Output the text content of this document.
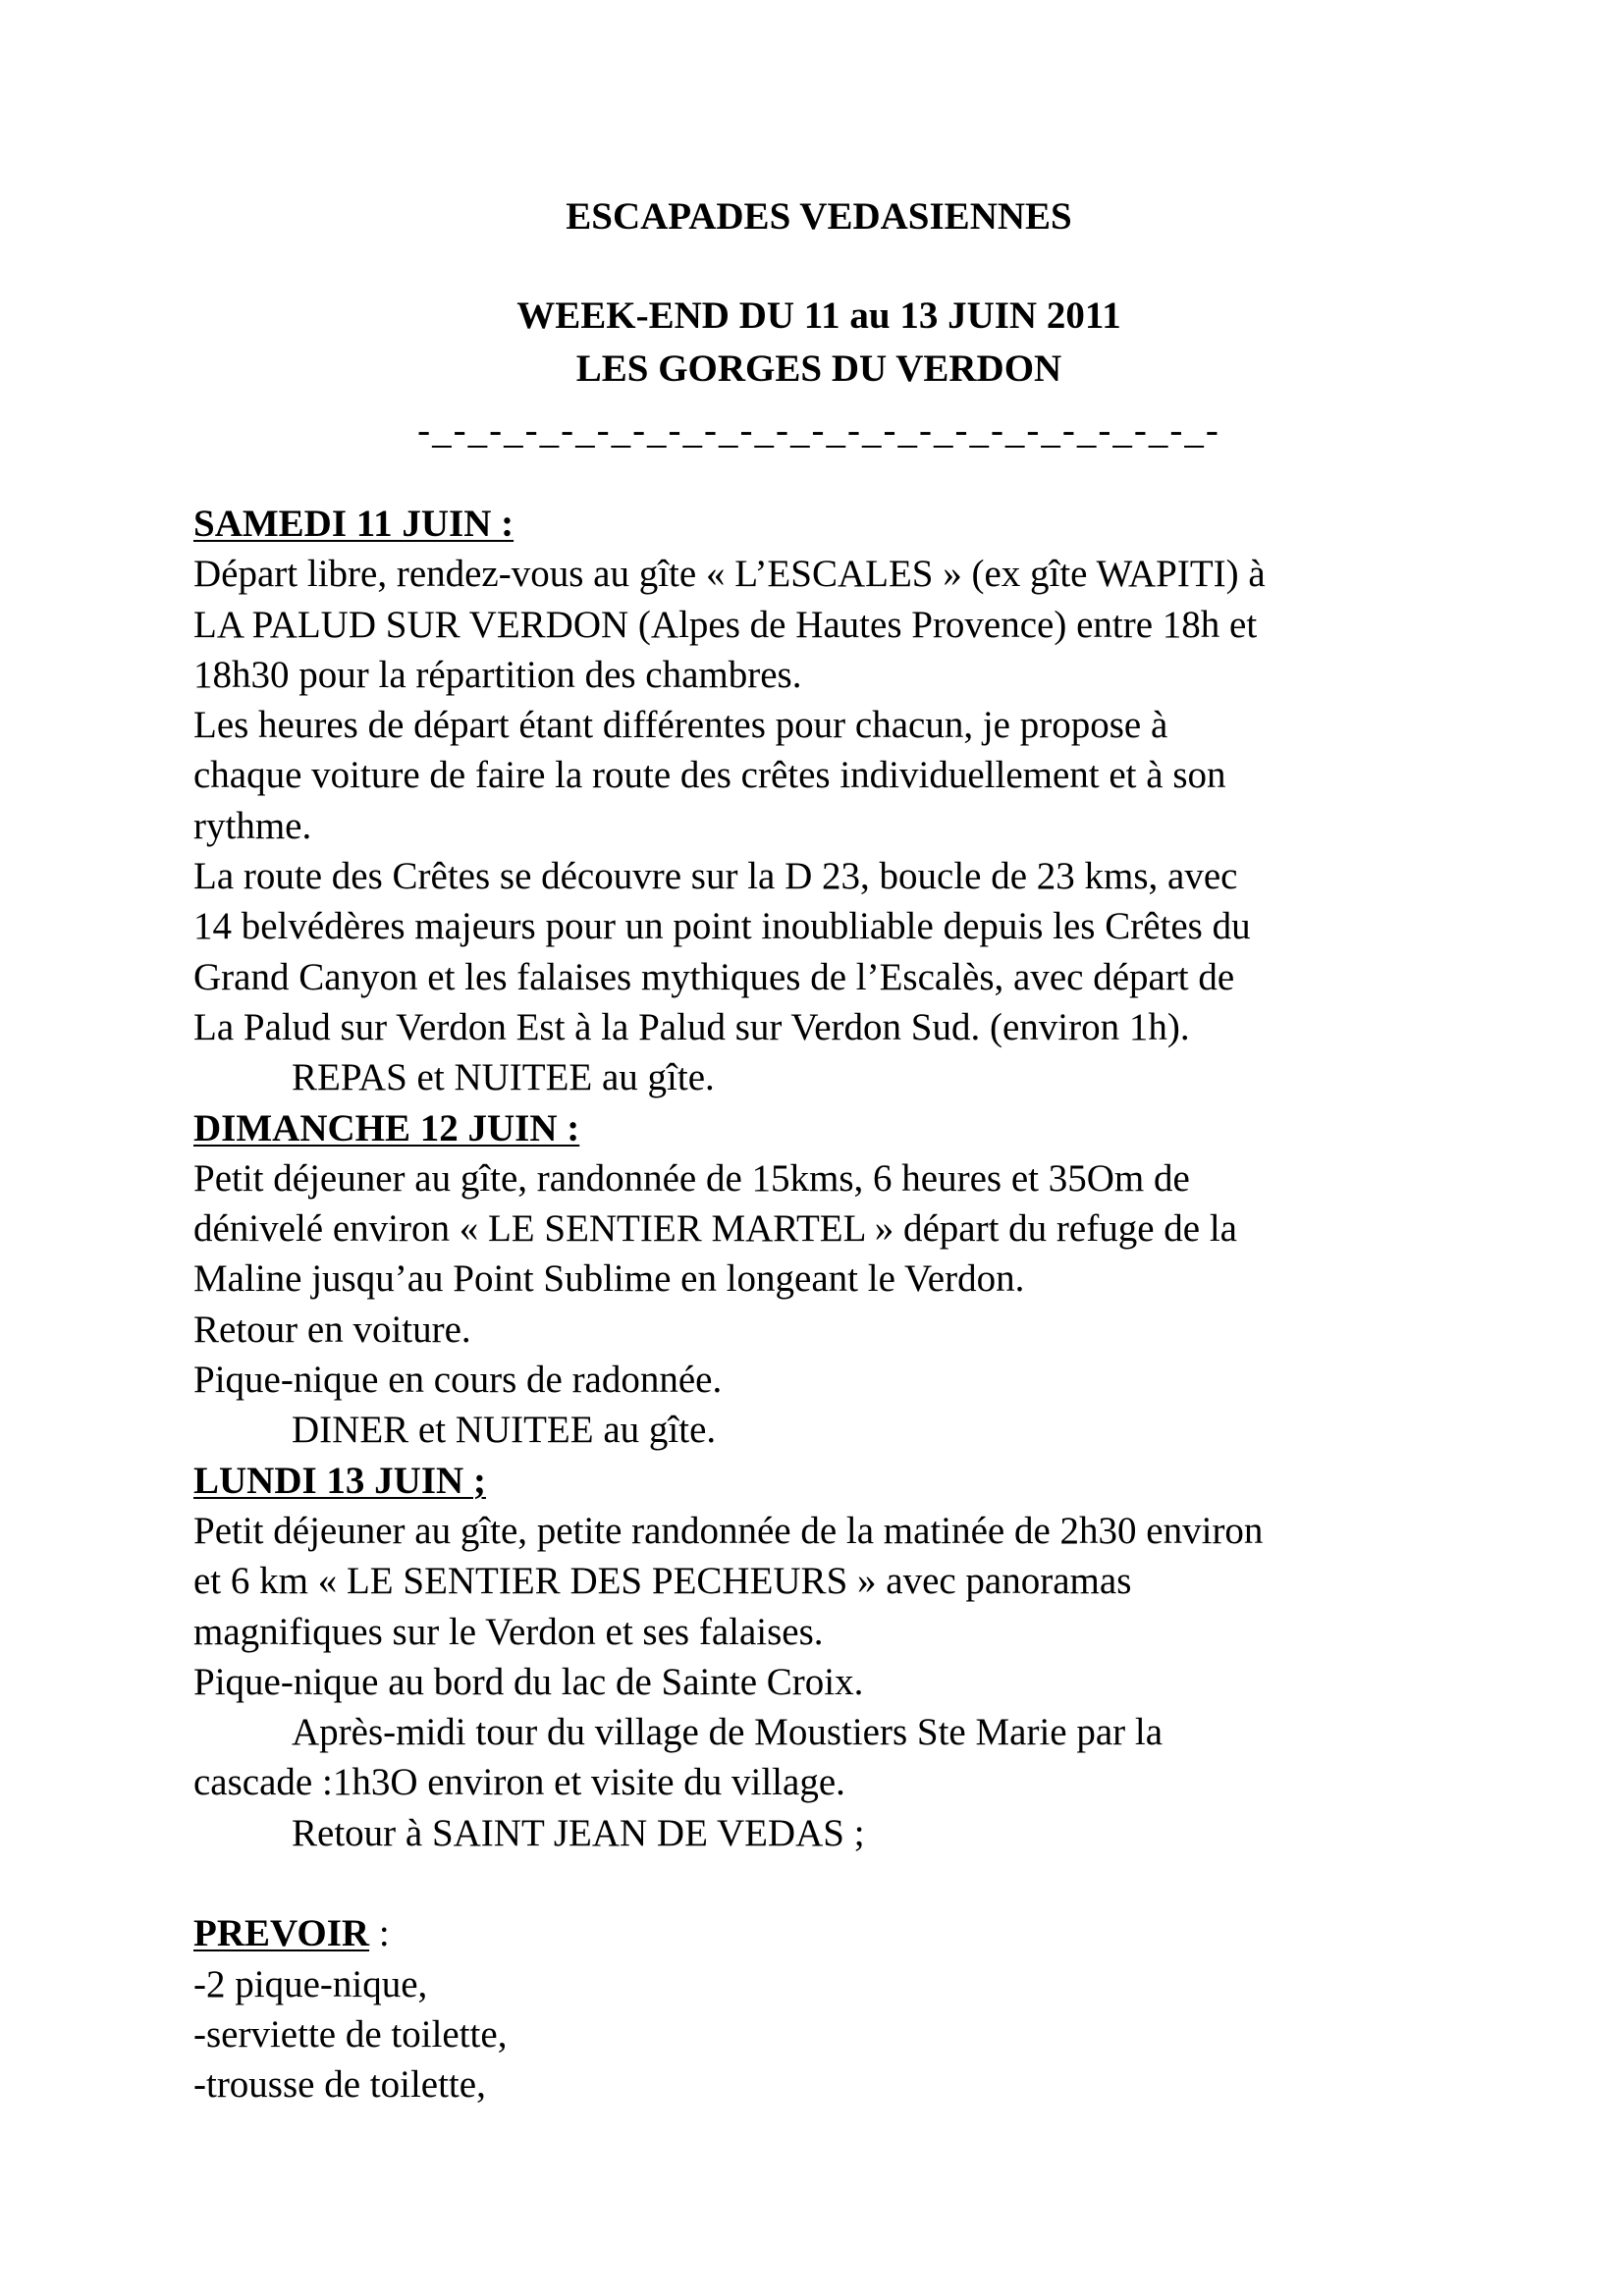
ESCAPADES VEDASIENNES
WEEK-END DU 11 au 13 JUIN 2011
LES GORGES DU VERDON
-_-_-_-_-_-_-_-_-_-_-_-_-_-_-_-_-_-_-_-_-_-_-
SAMEDI 11 JUIN :
Départ libre, rendez-vous au gîte « L’ESCALES » (ex gîte WAPITI) à
LA PALUD SUR VERDON (Alpes de Hautes Provence) entre 18h et
18h30 pour la répartition des chambres.
Les heures de départ étant différentes pour chacun, je propose à
chaque voiture de faire la route des crêtes individuellement et à son
rythme.
La route des Crêtes se découvre sur la D 23, boucle de 23 kms, avec
14 belvédères majeurs pour un point inoubliable depuis les Crêtes du
Grand Canyon et les falaises mythiques de l’Escalès, avec départ de
La Palud sur Verdon Est à la Palud sur Verdon Sud. (environ 1h).
REPAS et NUITEE au gîte.
DIMANCHE 12 JUIN :
Petit déjeuner au gîte, randonnée de 15kms, 6 heures et 35Om de
dénivelé environ « LE SENTIER MARTEL » départ du refuge de la
Maline jusqu’au Point Sublime en longeant le Verdon.
Retour en voiture.
Pique-nique en cours de radonnée.
DINER et NUITEE au gîte.
LUNDI 13 JUIN ;
Petit déjeuner au gîte, petite randonnée de la matinée de 2h30 environ
et 6 km « LE SENTIER DES PECHEURS » avec panoramas
magnifiques sur le Verdon et ses falaises.
Pique-nique au bord du lac de Sainte Croix.
Après-midi tour du village de Moustiers Ste Marie par la
cascade :1h3O environ et visite du village.
Retour à SAINT JEAN DE VEDAS ;
PREVOIR :
-2 pique-nique,
-serviette de toilette,
-trousse de toilette,
